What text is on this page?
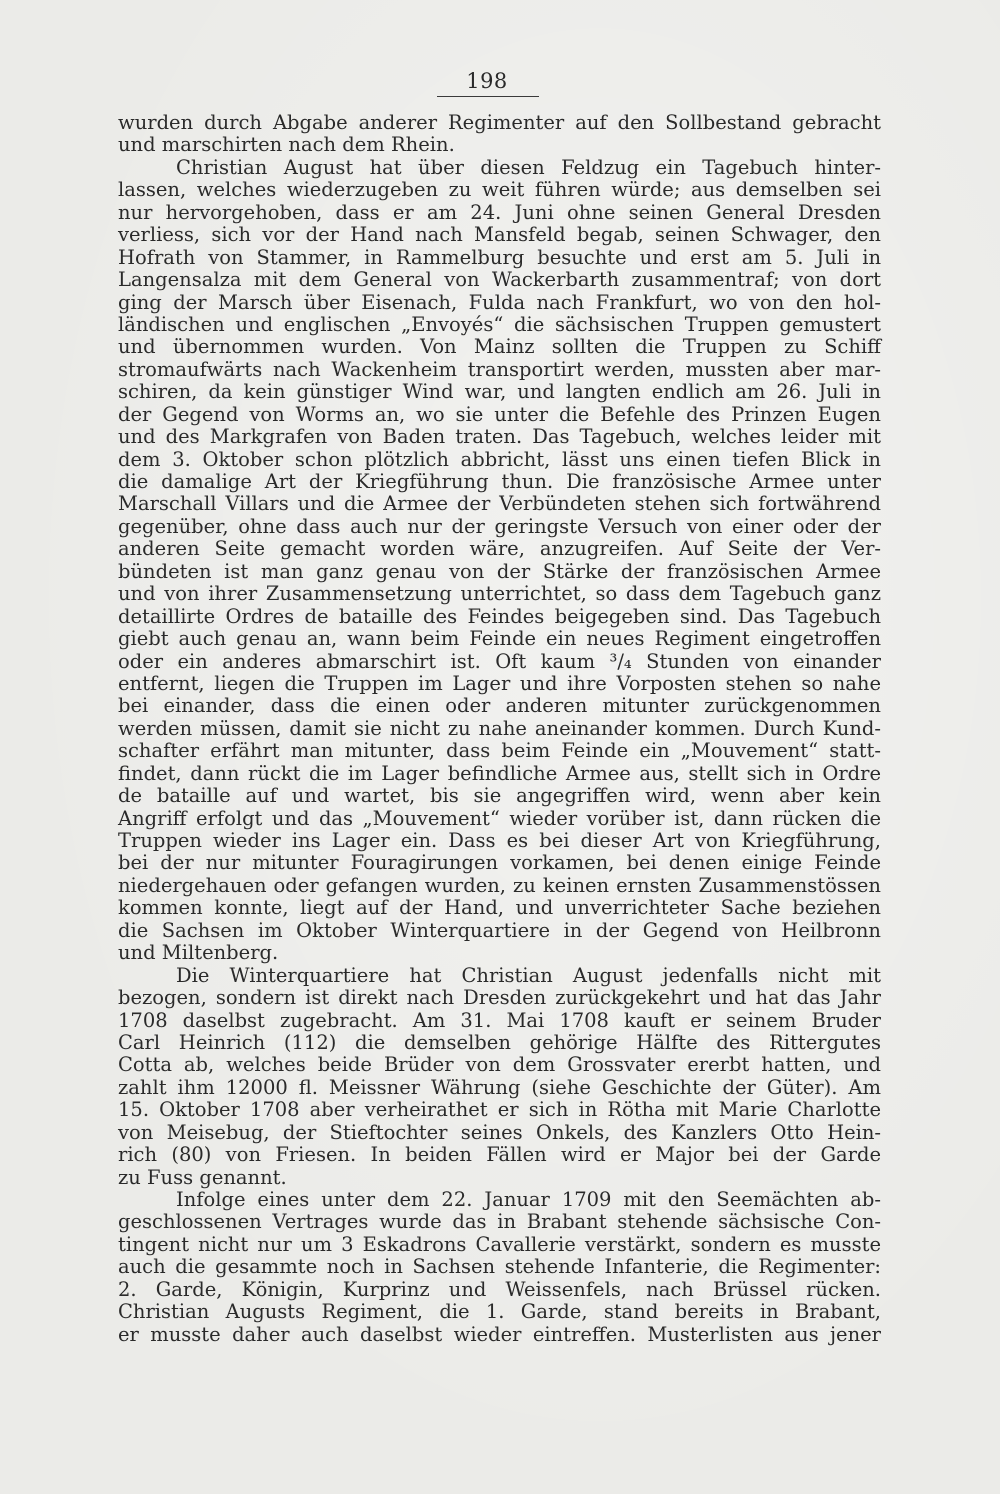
198
wurden durch Abgabe anderer Regimenter auf den Sollbestand gebracht
und marschirten nach dem Rhein.
Christian August hat über diesen Feldzug ein Tagebuch hinter-
lassen, welches wiederzugeben zu weit führen würde; aus demselben sei
nur hervorgehoben, dass er am 24. Juni ohne seinen General Dresden
verliess, sich vor der Hand nach Mansfeld begab, seinen Schwager, den
Hofrath von Stammer, in Rammelburg besuchte und erst am 5. Juli in
Langensalza mit dem General von Wackerbarth zusammentraf; von dort
ging der Marsch über Eisenach, Fulda nach Frankfurt, wo von den hol-
ländischen und englischen „Envoyés“ die sächsischen Truppen gemustert
und übernommen wurden. Von Mainz sollten die Truppen zu Schiff
stromaufwärts nach Wackenheim transportirt werden, mussten aber mar-
schiren, da kein günstiger Wind war, und langten endlich am 26. Juli in
der Gegend von Worms an, wo sie unter die Befehle des Prinzen Eugen
und des Markgrafen von Baden traten. Das Tagebuch, welches leider mit
dem 3. Oktober schon plötzlich abbricht, lässt uns einen tiefen Blick in
die damalige Art der Kriegführung thun. Die französische Armee unter
Marschall Villars und die Armee der Verbündeten stehen sich fortwährend
gegenüber, ohne dass auch nur der geringste Versuch von einer oder der
anderen Seite gemacht worden wäre, anzugreifen. Auf Seite der Ver-
bündeten ist man ganz genau von der Stärke der französischen Armee
und von ihrer Zusammensetzung unterrichtet, so dass dem Tagebuch ganz
detaillirte Ordres de bataille des Feindes beigegeben sind. Das Tagebuch
giebt auch genau an, wann beim Feinde ein neues Regiment eingetroffen
oder ein anderes abmarschirt ist. Oft kaum ³/₄ Stunden von einander
entfernt, liegen die Truppen im Lager und ihre Vorposten stehen so nahe
bei einander, dass die einen oder anderen mitunter zurückgenommen
werden müssen, damit sie nicht zu nahe aneinander kommen. Durch Kund-
schafter erfährt man mitunter, dass beim Feinde ein „Mouvement“ statt-
findet, dann rückt die im Lager befindliche Armee aus, stellt sich in Ordre
de bataille auf und wartet, bis sie angegriffen wird, wenn aber kein
Angriff erfolgt und das „Mouvement“ wieder vorüber ist, dann rücken die
Truppen wieder ins Lager ein. Dass es bei dieser Art von Kriegführung,
bei der nur mitunter Fouragirungen vorkamen, bei denen einige Feinde
niedergehauen oder gefangen wurden, zu keinen ernsten Zusammenstössen
kommen konnte, liegt auf der Hand, und unverrichteter Sache beziehen
die Sachsen im Oktober Winterquartiere in der Gegend von Heilbronn
und Miltenberg.
Die Winterquartiere hat Christian August jedenfalls nicht mit
bezogen, sondern ist direkt nach Dresden zurückgekehrt und hat das Jahr
1708 daselbst zugebracht. Am 31. Mai 1708 kauft er seinem Bruder
Carl Heinrich (112) die demselben gehörige Hälfte des Rittergutes
Cotta ab, welches beide Brüder von dem Grossvater ererbt hatten, und
zahlt ihm 12000 fl. Meissner Währung (siehe Geschichte der Güter). Am
15. Oktober 1708 aber verheirathet er sich in Rötha mit Marie Charlotte
von Meisebug, der Stieftochter seines Onkels, des Kanzlers Otto Hein-
rich (80) von Friesen. In beiden Fällen wird er Major bei der Garde
zu Fuss genannt.
Infolge eines unter dem 22. Januar 1709 mit den Seemächten ab-
geschlossenen Vertrages wurde das in Brabant stehende sächsische Con-
tingent nicht nur um 3 Eskadrons Cavallerie verstärkt, sondern es musste
auch die gesammte noch in Sachsen stehende Infanterie, die Regimenter:
2. Garde, Königin, Kurprinz und Weissenfels, nach Brüssel rücken.
Christian Augusts Regiment, die 1. Garde, stand bereits in Brabant,
er musste daher auch daselbst wieder eintreffen. Musterlisten aus jener
